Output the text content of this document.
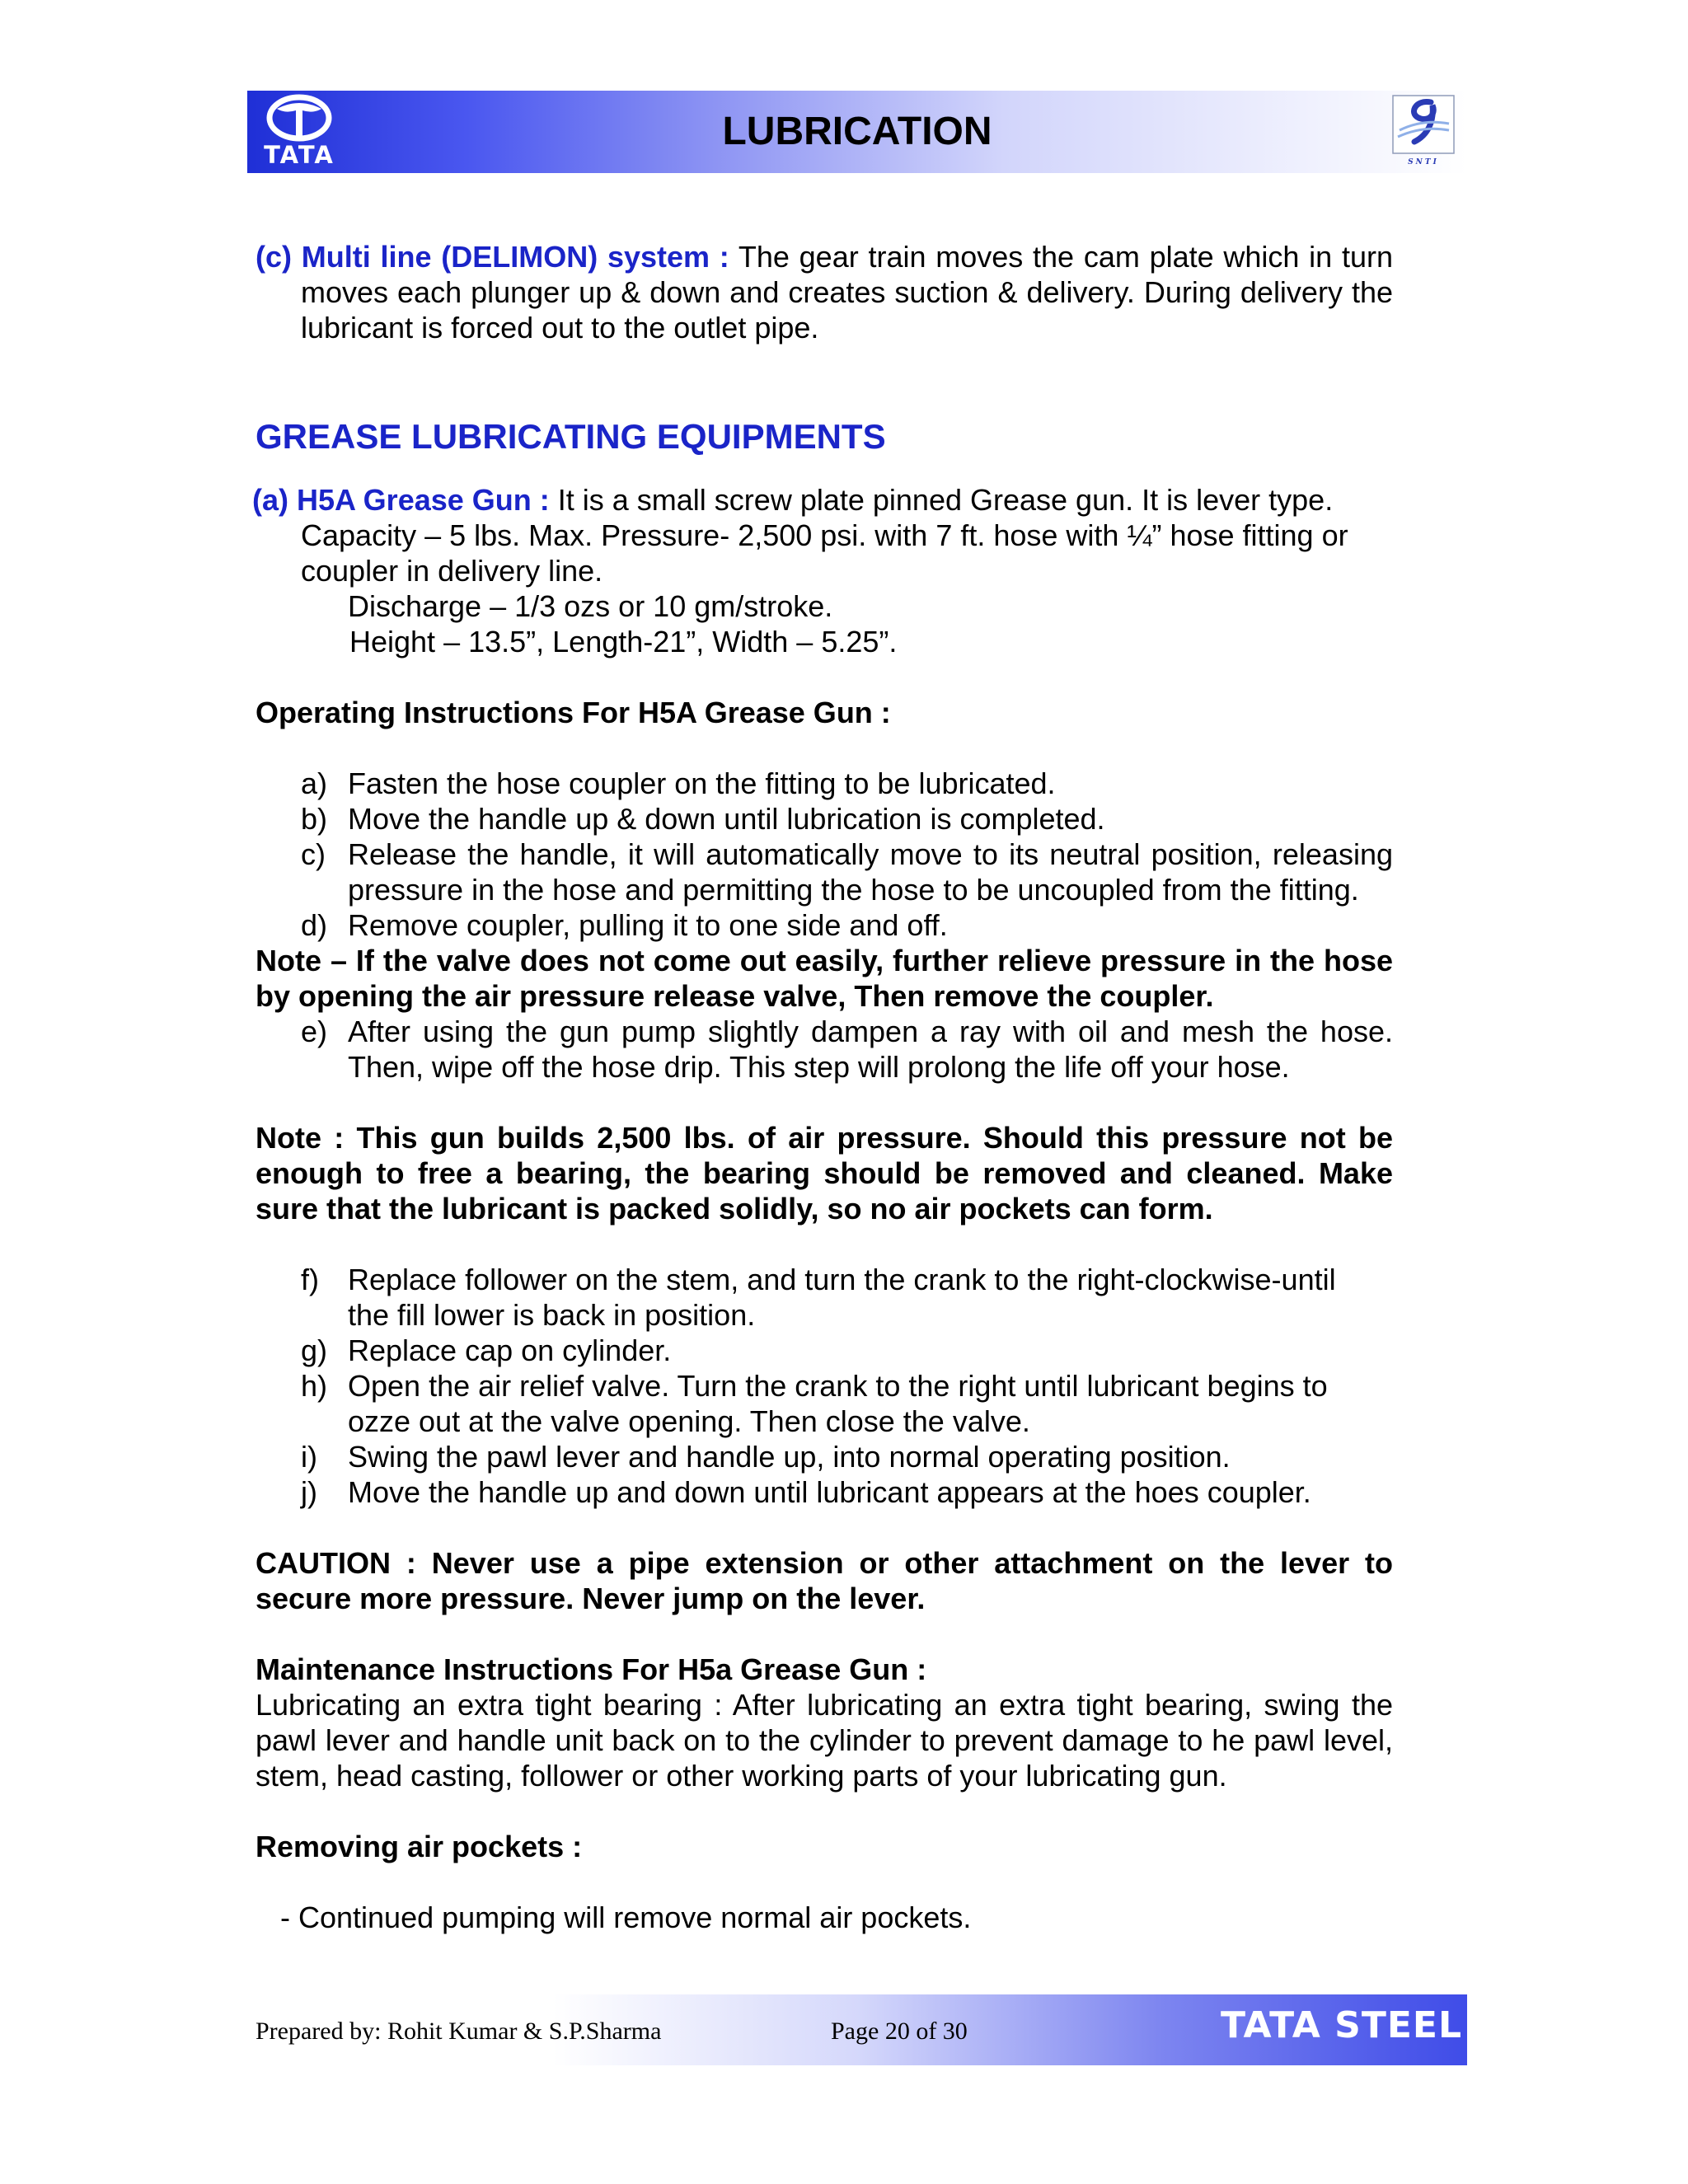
TATA
LUBRICATION
SNTI

(c) Multi line (DELIMON) system : The gear train moves the cam plate which in turn moves each plunger up & down and creates suction & delivery. During delivery the lubricant is forced out to the outlet pipe.

GREASE LUBRICATING EQUIPMENTS

(a) H5A Grease Gun : It is a small screw plate pinned Grease gun. It is lever type.

Capacity – 5 lbs. Max. Pressure- 2,500 psi. with 7 ft. hose with ¼” hose fitting or coupler in delivery line.

Discharge – 1/3 ozs or 10 gm/stroke.

Height – 13.5”, Length-21”, Width – 5.25”.

Operating Instructions For H5A Grease Gun :

a) Fasten the hose coupler on the fitting to be lubricated.
b) Move the handle up & down until lubrication is completed.
c) Release the handle, it will automatically move to its neutral position, releasing pressure in the hose and permitting the hose to be uncoupled from the fitting.
d) Remove coupler, pulling it to one side and off.

Note – If the valve does not come out easily, further relieve pressure in the hose by opening the air pressure release valve, Then remove the coupler.

e) After using the gun pump slightly dampen a ray with oil and mesh the hose. Then, wipe off the hose drip. This step will prolong the life off your hose.

Note : This gun builds 2,500 lbs. of air pressure. Should this pressure not be enough to free a bearing, the bearing should be removed and cleaned. Make sure that the lubricant is packed solidly, so no air pockets can form.

f) Replace follower on the stem, and turn the crank to the right-clockwise-until the fill lower is back in position.
g) Replace cap on cylinder.
h) Open the air relief valve. Turn the crank to the right until lubricant begins to ozze out at the valve opening. Then close the valve.
i) Swing the pawl lever and handle up, into normal operating position.
j) Move the handle up and down until lubricant appears at the hoes coupler.

CAUTION : Never use a pipe extension or other attachment on the lever to secure more pressure. Never jump on the lever.

Maintenance Instructions For H5a Grease Gun :

Lubricating an extra tight bearing : After lubricating an extra tight bearing, swing the pawl lever and handle unit back on to the cylinder to prevent damage to he pawl level, stem, head casting, follower or other working parts of your lubricating gun.

Removing air pockets :

- Continued pumping will remove normal air pockets.

Prepared by: Rohit Kumar & S.P.Sharma	Page 20 of 30	TATA STEEL
